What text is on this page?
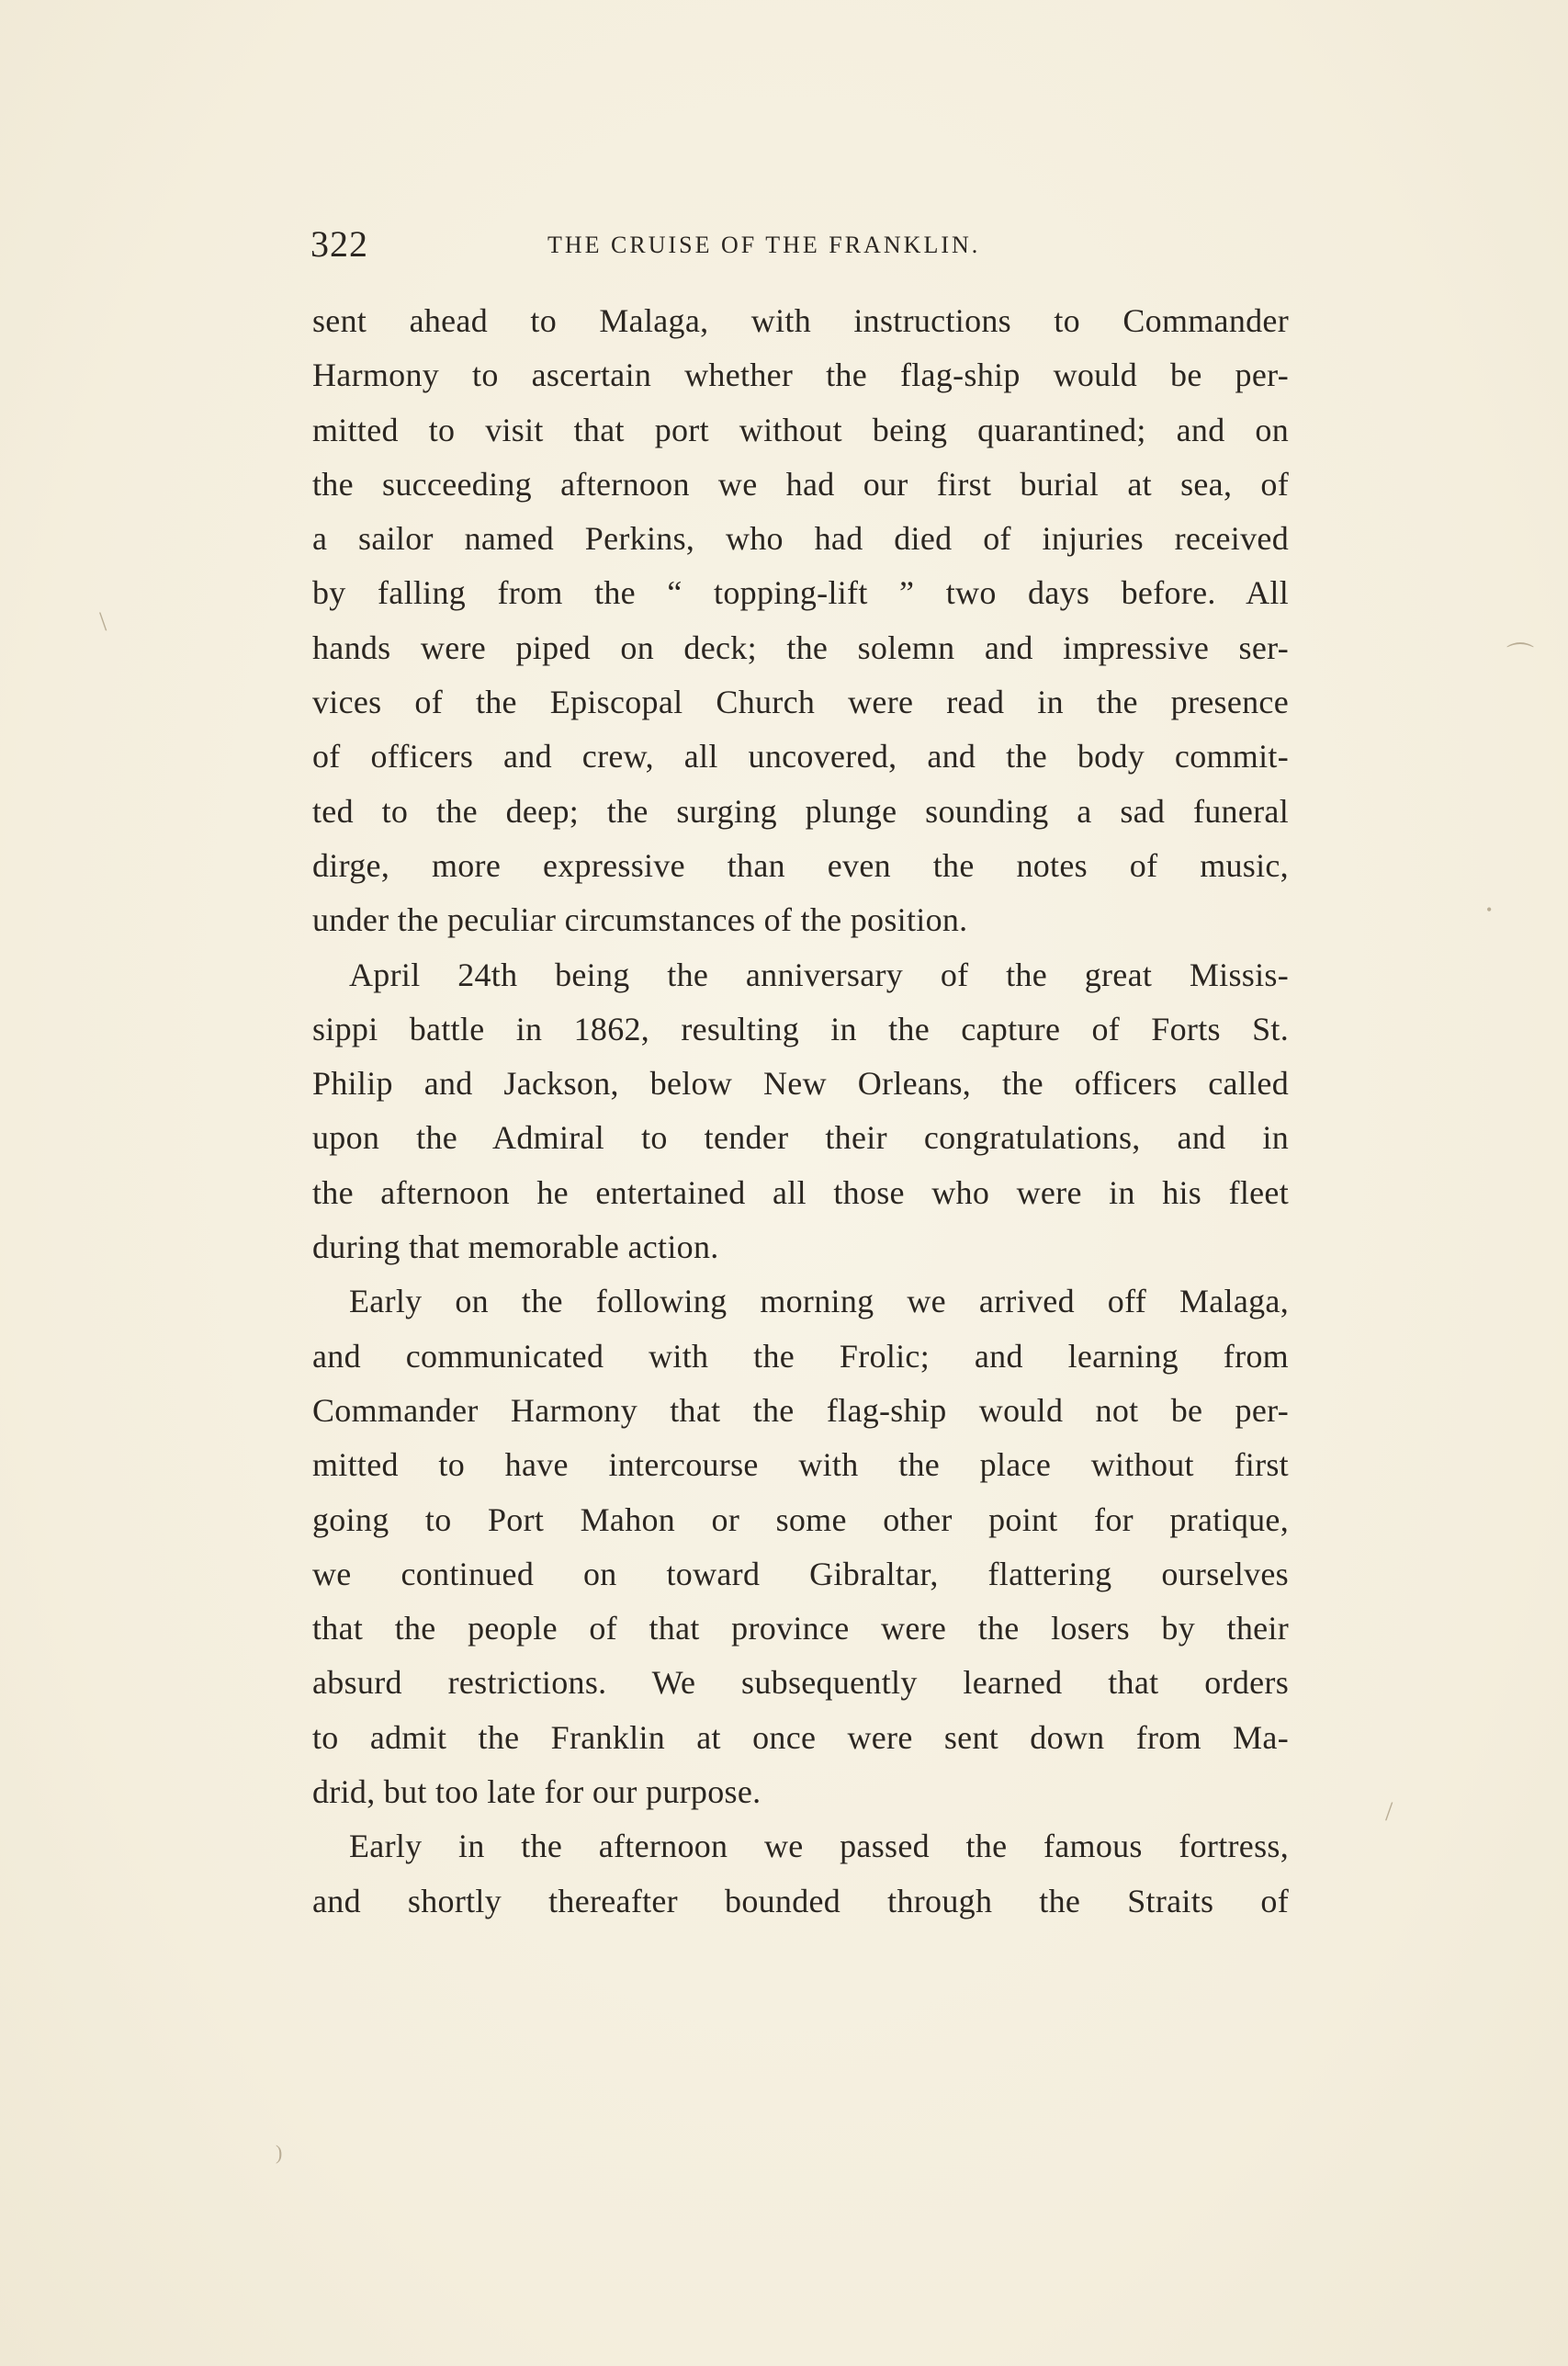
322	THE CRUISE OF THE FRANKLIN.
sent ahead to Malaga, with instructions to Commander
Harmony to ascertain whether the flag-ship would be per-
mitted to visit that port without being quarantined; and on
the succeeding afternoon we had our first burial at sea, of
a sailor named Perkins, who had died of injuries received
by falling from the “ topping-lift ” two days before. All
hands were piped on deck; the solemn and impressive ser-
vices of the Episcopal Church were read in the presence
of officers and crew, all uncovered, and the body commit-
ted to the deep; the surging plunge sounding a sad funeral
dirge, more expressive than even the notes of music,
under the peculiar circumstances of the position.
April 24th being the anniversary of the great Missis-
sippi battle in 1862, resulting in the capture of Forts St.
Philip and Jackson, below New Orleans, the officers called
upon the Admiral to tender their congratulations, and in
the afternoon he entertained all those who were in his fleet
during that memorable action.
Early on the following morning we arrived off Malaga,
and communicated with the Frolic; and learning from
Commander Harmony that the flag-ship would not be per-
mitted to have intercourse with the place without first
going to Port Mahon or some other point for pratique,
we continued on toward Gibraltar, flattering ourselves
that the people of that province were the losers by their
absurd restrictions. We subsequently learned that orders
to admit the Franklin at once were sent down from Ma-
drid, but too late for our purpose.
Early in the afternoon we passed the famous fortress,
and shortly thereafter bounded through the Straits of
\
⌒
•
/
)
